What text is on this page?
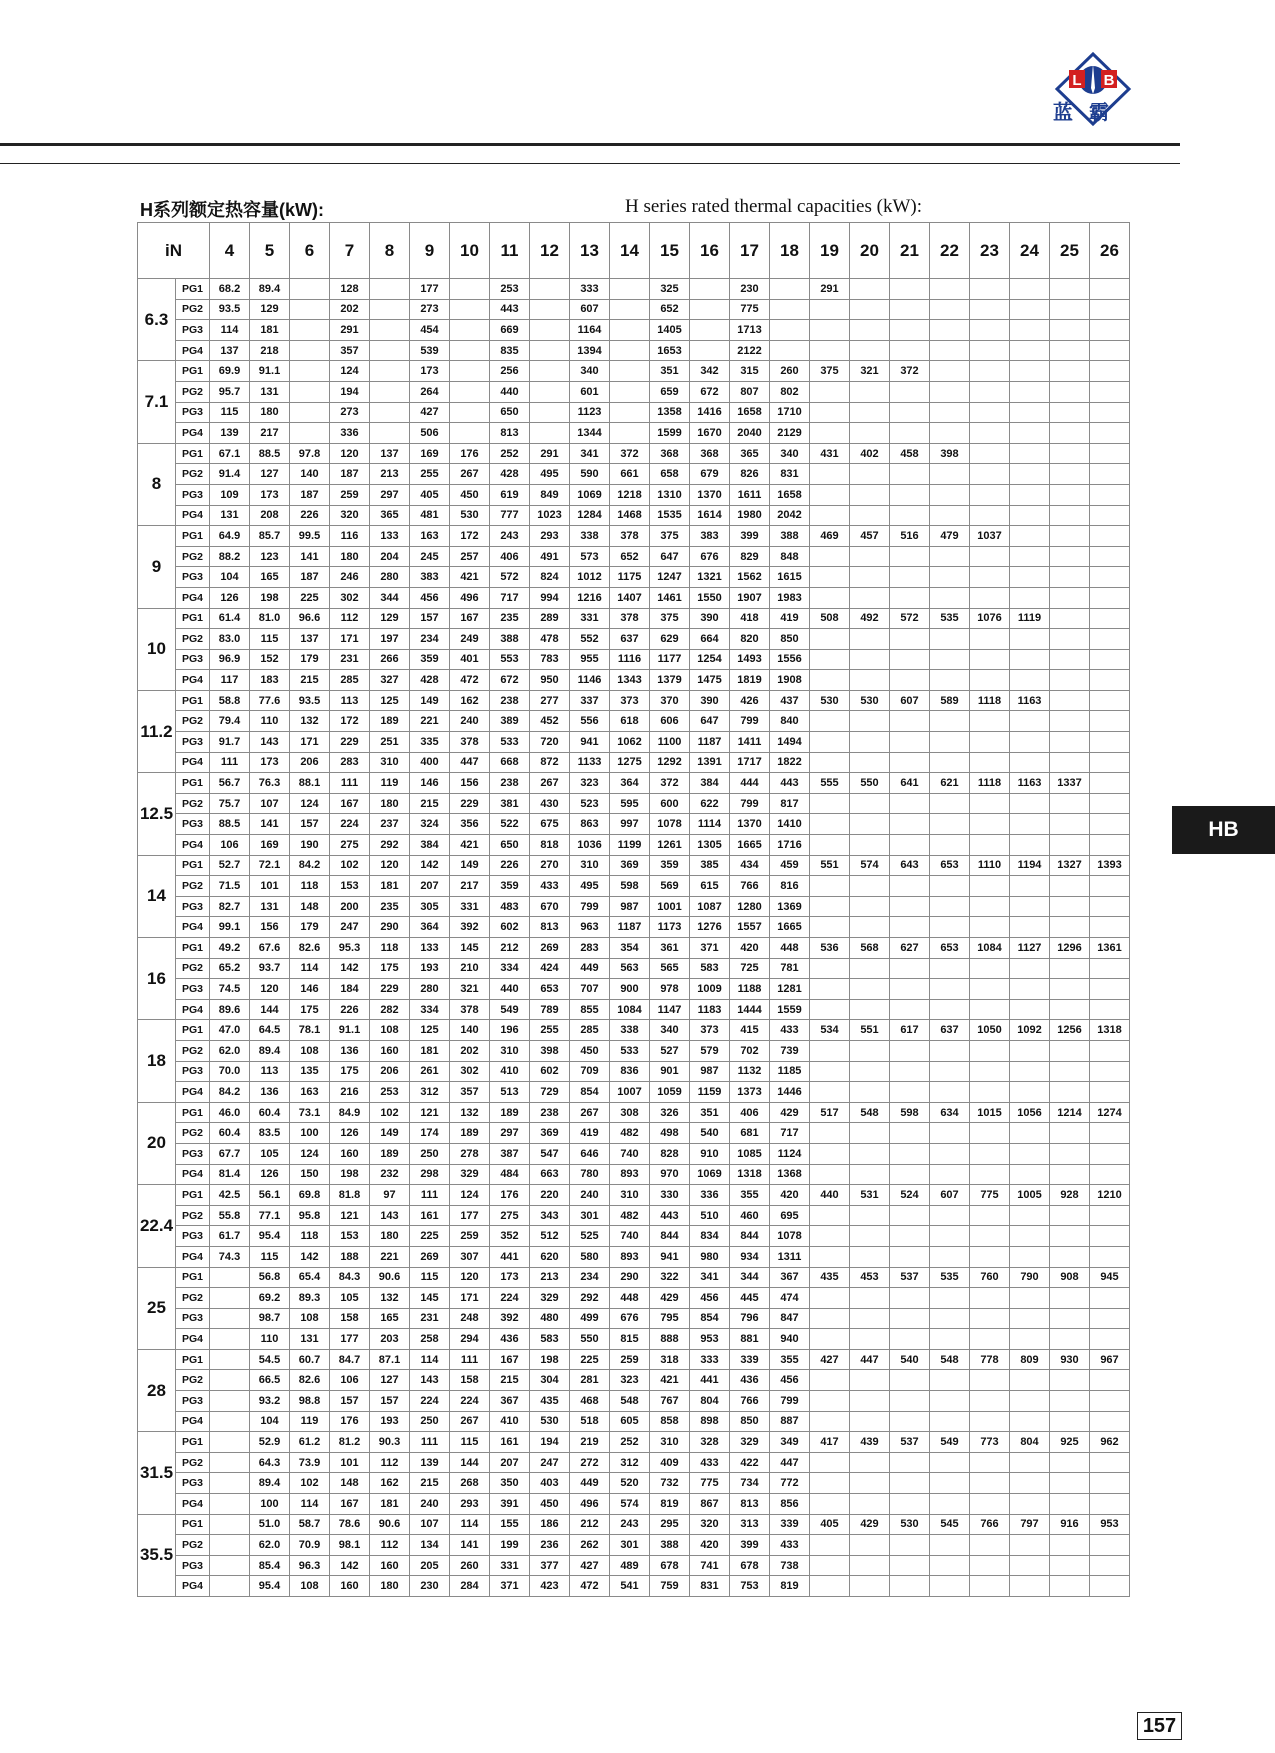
L B
蓝霸
H系列额定热容量(kW):	H series rated thermal capacities (kW):
iN		4	5	6	7	8	9	10	11	12	13	14	15	16	17	18	19	20	21	22	23	24	25	26
6.3	PG1	68.2	89.4		128		177		253		333		325		230		291							
	PG2	93.5	129		202		273		443		607		652		775									
	PG3	114	181		291		454		669		1164		1405		1713									
	PG4	137	218		357		539		835		1394		1653		2122									
7.1	PG1	69.9	91.1		124		173		256		340		351	342	315	260	375	321	372					
	PG2	95.7	131		194		264		440		601		659	672	807	802								
	PG3	115	180		273		427		650		1123		1358	1416	1658	1710								
	PG4	139	217		336		506		813		1344		1599	1670	2040	2129								
8	PG1	67.1	88.5	97.8	120	137	169	176	252	291	341	372	368	368	365	340	431	402	458	398				
	PG2	91.4	127	140	187	213	255	267	428	495	590	661	658	679	826	831								
	PG3	109	173	187	259	297	405	450	619	849	1069	1218	1310	1370	1611	1658								
	PG4	131	208	226	320	365	481	530	777	1023	1284	1468	1535	1614	1980	2042								
9	PG1	64.9	85.7	99.5	116	133	163	172	243	293	338	378	375	383	399	388	469	457	516	479	1037			
	PG2	88.2	123	141	180	204	245	257	406	491	573	652	647	676	829	848								
	PG3	104	165	187	246	280	383	421	572	824	1012	1175	1247	1321	1562	1615								
	PG4	126	198	225	302	344	456	496	717	994	1216	1407	1461	1550	1907	1983								
10	PG1	61.4	81.0	96.6	112	129	157	167	235	289	331	378	375	390	418	419	508	492	572	535	1076	1119		
	PG2	83.0	115	137	171	197	234	249	388	478	552	637	629	664	820	850								
	PG3	96.9	152	179	231	266	359	401	553	783	955	1116	1177	1254	1493	1556								
	PG4	117	183	215	285	327	428	472	672	950	1146	1343	1379	1475	1819	1908								
11.2	PG1	58.8	77.6	93.5	113	125	149	162	238	277	337	373	370	390	426	437	530	530	607	589	1118	1163		
	PG2	79.4	110	132	172	189	221	240	389	452	556	618	606	647	799	840								
	PG3	91.7	143	171	229	251	335	378	533	720	941	1062	1100	1187	1411	1494								
	PG4	111	173	206	283	310	400	447	668	872	1133	1275	1292	1391	1717	1822								
12.5	PG1	56.7	76.3	88.1	111	119	146	156	238	267	323	364	372	384	444	443	555	550	641	621	1118	1163	1337	
	PG2	75.7	107	124	167	180	215	229	381	430	523	595	600	622	799	817								
	PG3	88.5	141	157	224	237	324	356	522	675	863	997	1078	1114	1370	1410								
	PG4	106	169	190	275	292	384	421	650	818	1036	1199	1261	1305	1665	1716								
14	PG1	52.7	72.1	84.2	102	120	142	149	226	270	310	369	359	385	434	459	551	574	643	653	1110	1194	1327	1393
	PG2	71.5	101	118	153	181	207	217	359	433	495	598	569	615	766	816								
	PG3	82.7	131	148	200	235	305	331	483	670	799	987	1001	1087	1280	1369								
	PG4	99.1	156	179	247	290	364	392	602	813	963	1187	1173	1276	1557	1665								
16	PG1	49.2	67.6	82.6	95.3	118	133	145	212	269	283	354	361	371	420	448	536	568	627	653	1084	1127	1296	1361
	PG2	65.2	93.7	114	142	175	193	210	334	424	449	563	565	583	725	781								
	PG3	74.5	120	146	184	229	280	321	440	653	707	900	978	1009	1188	1281								
	PG4	89.6	144	175	226	282	334	378	549	789	855	1084	1147	1183	1444	1559								
18	PG1	47.0	64.5	78.1	91.1	108	125	140	196	255	285	338	340	373	415	433	534	551	617	637	1050	1092	1256	1318
	PG2	62.0	89.4	108	136	160	181	202	310	398	450	533	527	579	702	739								
	PG3	70.0	113	135	175	206	261	302	410	602	709	836	901	987	1132	1185								
	PG4	84.2	136	163	216	253	312	357	513	729	854	1007	1059	1159	1373	1446								
20	PG1	46.0	60.4	73.1	84.9	102	121	132	189	238	267	308	326	351	406	429	517	548	598	634	1015	1056	1214	1274
	PG2	60.4	83.5	100	126	149	174	189	297	369	419	482	498	540	681	717								
	PG3	67.7	105	124	160	189	250	278	387	547	646	740	828	910	1085	1124								
	PG4	81.4	126	150	198	232	298	329	484	663	780	893	970	1069	1318	1368								
22.4	PG1	42.5	56.1	69.8	81.8	97	111	124	176	220	240	310	330	336	355	420	440	531	524	607	775	1005	928	1210
	PG2	55.8	77.1	95.8	121	143	161	177	275	343	301	482	443	510	460	695								
	PG3	61.7	95.4	118	153	180	225	259	352	512	525	740	844	834	844	1078								
	PG4	74.3	115	142	188	221	269	307	441	620	580	893	941	980	934	1311								
25	PG1		56.8	65.4	84.3	90.6	115	120	173	213	234	290	322	341	344	367	435	453	537	535	760	790	908	945
	PG2		69.2	89.3	105	132	145	171	224	329	292	448	429	456	445	474								
	PG3		98.7	108	158	165	231	248	392	480	499	676	795	854	796	847								
	PG4		110	131	177	203	258	294	436	583	550	815	888	953	881	940								
28	PG1		54.5	60.7	84.7	87.1	114	111	167	198	225	259	318	333	339	355	427	447	540	548	778	809	930	967
	PG2		66.5	82.6	106	127	143	158	215	304	281	323	421	441	436	456								
	PG3		93.2	98.8	157	157	224	224	367	435	468	548	767	804	766	799								
	PG4		104	119	176	193	250	267	410	530	518	605	858	898	850	887								
31.5	PG1		52.9	61.2	81.2	90.3	111	115	161	194	219	252	310	328	329	349	417	439	537	549	773	804	925	962
	PG2		64.3	73.9	101	112	139	144	207	247	272	312	409	433	422	447								
	PG3		89.4	102	148	162	215	268	350	403	449	520	732	775	734	772								
	PG4		100	114	167	181	240	293	391	450	496	574	819	867	813	856								
35.5	PG1		51.0	58.7	78.6	90.6	107	114	155	186	212	243	295	320	313	339	405	429	530	545	766	797	916	953
	PG2		62.0	70.9	98.1	112	134	141	199	236	262	301	388	420	399	433								
	PG3		85.4	96.3	142	160	205	260	331	377	427	489	678	741	678	738								
	PG4		95.4	108	160	180	230	284	371	423	472	541	759	831	753	819								
HB
157
